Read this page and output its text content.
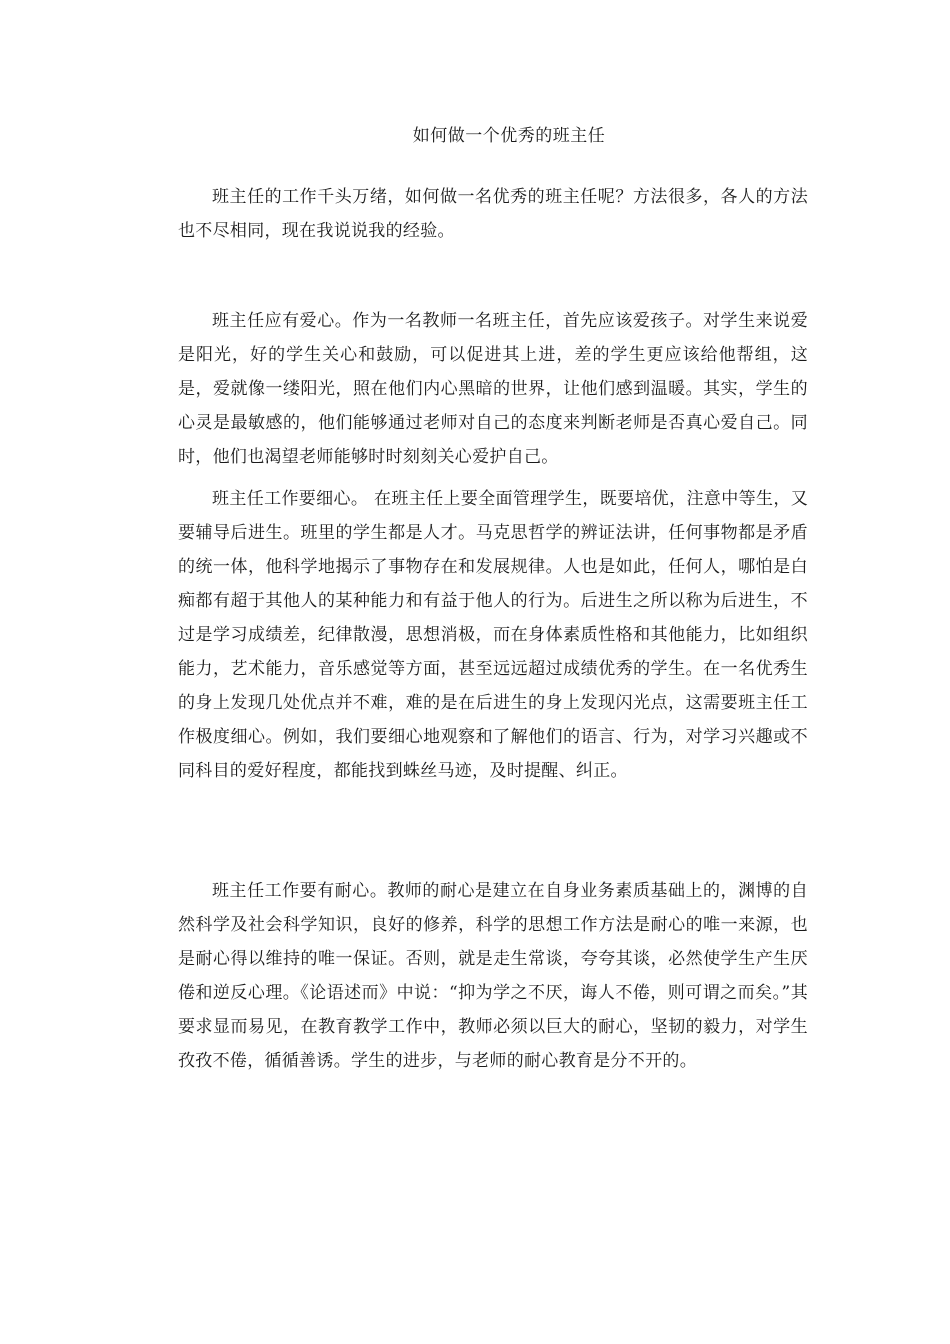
如何做一个优秀的班主任

班主任的工作千头万绪，如何做一名优秀的班主任呢？方法很多，各人的方法也不尽相同，现在我说说我的经验。

班主任应有爱心。作为一名教师一名班主任，首先应该爱孩子。对学生来说爱是阳光，好的学生关心和鼓励，可以促进其上进，差的学生更应该给他帮组，这是，爱就像一缕阳光，照在他们内心黑暗的世界，让他们感到温暖。其实，学生的心灵是最敏感的，他们能够通过老师对自己的态度来判断老师是否真心爱自己。同时，他们也渴望老师能够时时刻刻关心爱护自己。

班主任工作要细心。 在班主任上要全面管理学生，既要培优，注意中等生，又要辅导后进生。班里的学生都是人才。马克思哲学的辨证法讲，任何事物都是矛盾的统一体，他科学地揭示了事物存在和发展规律。人也是如此，任何人，哪怕是白痴都有超于其他人的某种能力和有益于他人的行为。后进生之所以称为后进生，不过是学习成绩差，纪律散漫，思想消极，而在身体素质性格和其他能力，比如组织能力，艺术能力，音乐感觉等方面，甚至远远超过成绩优秀的学生。在一名优秀生的身上发现几处优点并不难，难的是在后进生的身上发现闪光点，这需要班主任工作极度细心。例如，我们要细心地观察和了解他们的语言、行为，对学习兴趣或不同科目的爱好程度，都能找到蛛丝马迹，及时提醒、纠正。

班主任工作要有耐心。教师的耐心是建立在自身业务素质基础上的，渊博的自然科学及社会科学知识，良好的修养，科学的思想工作方法是耐心的唯一来源，也是耐心得以维持的唯一保证。否则，就是走生常谈，夸夸其谈，必然使学生产生厌倦和逆反心理。《论语述而》中说：“抑为学之不厌，诲人不倦，则可谓之而矣。”其要求显而易见，在教育教学工作中，教师必须以巨大的耐心，坚韧的毅力，对学生孜孜不倦，循循善诱。学生的进步，与老师的耐心教育是分不开的。
